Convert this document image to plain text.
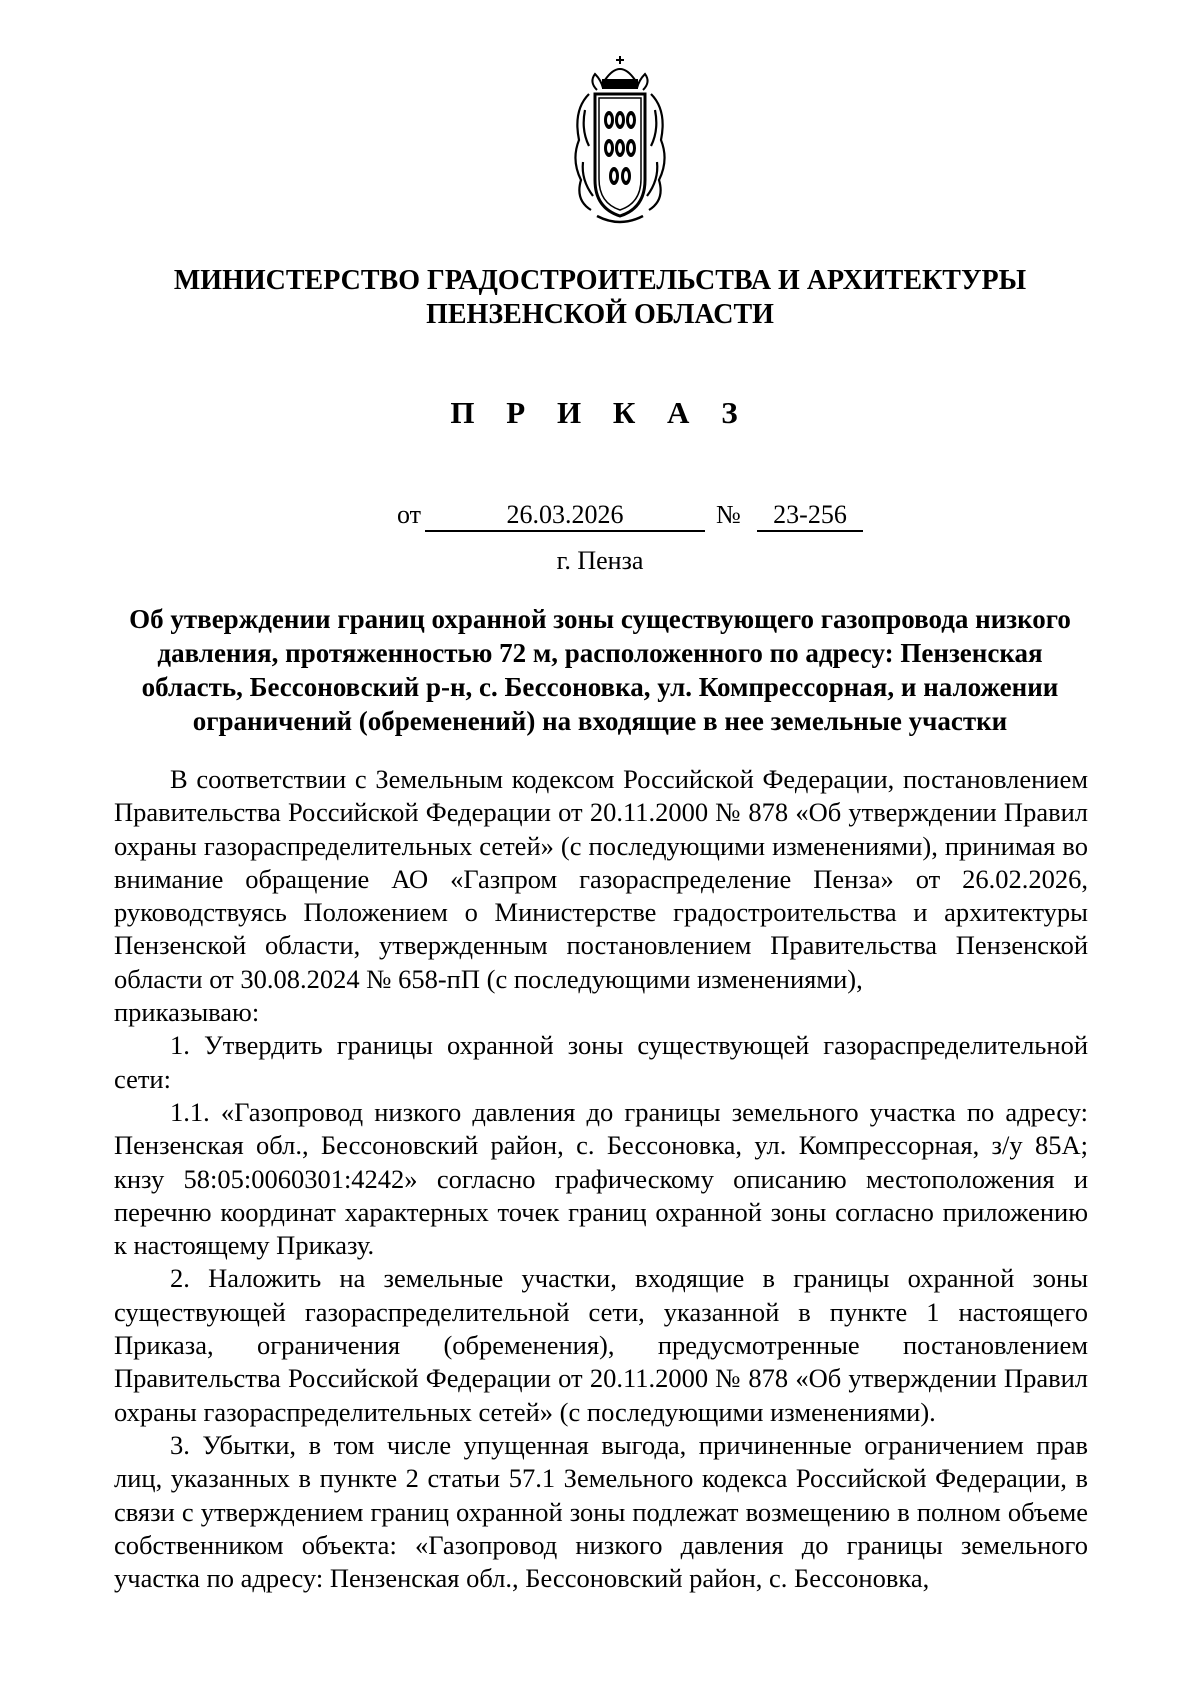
МИНИСТЕРСТВО ГРАДОСТРОИТЕЛЬСТВА И АРХИТЕКТУРЫ
ПЕНЗЕНСКОЙ ОБЛАСТИ
П Р И К А З
от	26.03.2026	№	23-256
г. Пенза
Об утверждении границ охранной зоны существующего газопровода низкого давления, протяженностью 72 м, расположенного по адресу: Пензенская область, Бессоновский р-н, с. Бессоновка, ул. Компрессорная, и наложении ограничений (обременений) на входящие в нее земельные участки

В соответствии с Земельным кодексом Российской Федерации, постановлением Правительства Российской Федерации от 20.11.2000 № 878 «Об утверждении Правил охраны газораспределительных сетей» (с последующими изменениями), принимая во внимание обращение АО «Газпром газораспределение Пенза» от 26.02.2026, руководствуясь Положением о Министерстве градостроительства и архитектуры Пензенской области, утвержденным постановлением Правительства Пензенской области от 30.08.2024 № 658-пП (с последующими изменениями),

приказываю:

1. Утвердить границы охранной зоны существующей газораспределительной сети:

1.1. «Газопровод низкого давления до границы земельного участка по адресу: Пензенская обл., Бессоновский район, с. Бессоновка, ул. Компрессорная, з/у 85А; кнзу 58:05:0060301:4242» согласно графическому описанию местоположения и перечню координат характерных точек границ охранной зоны согласно приложению к настоящему Приказу.

2. Наложить на земельные участки, входящие в границы охранной зоны существующей газораспределительной сети, указанной в пункте 1 настоящего Приказа, ограничения (обременения), предусмотренные постановлением Правительства Российской Федерации от 20.11.2000 № 878 «Об утверждении Правил охраны газораспределительных сетей» (с последующими изменениями).

3. Убытки, в том числе упущенная выгода, причиненные ограничением прав лиц, указанных в пункте 2 статьи 57.1 Земельного кодекса Российской Федерации, в связи с утверждением границ охранной зоны подлежат возмещению в полном объеме собственником объекта: «Газопровод низкого давления до границы земельного участка по адресу: Пензенская обл., Бессоновский район, с. Бессоновка,
